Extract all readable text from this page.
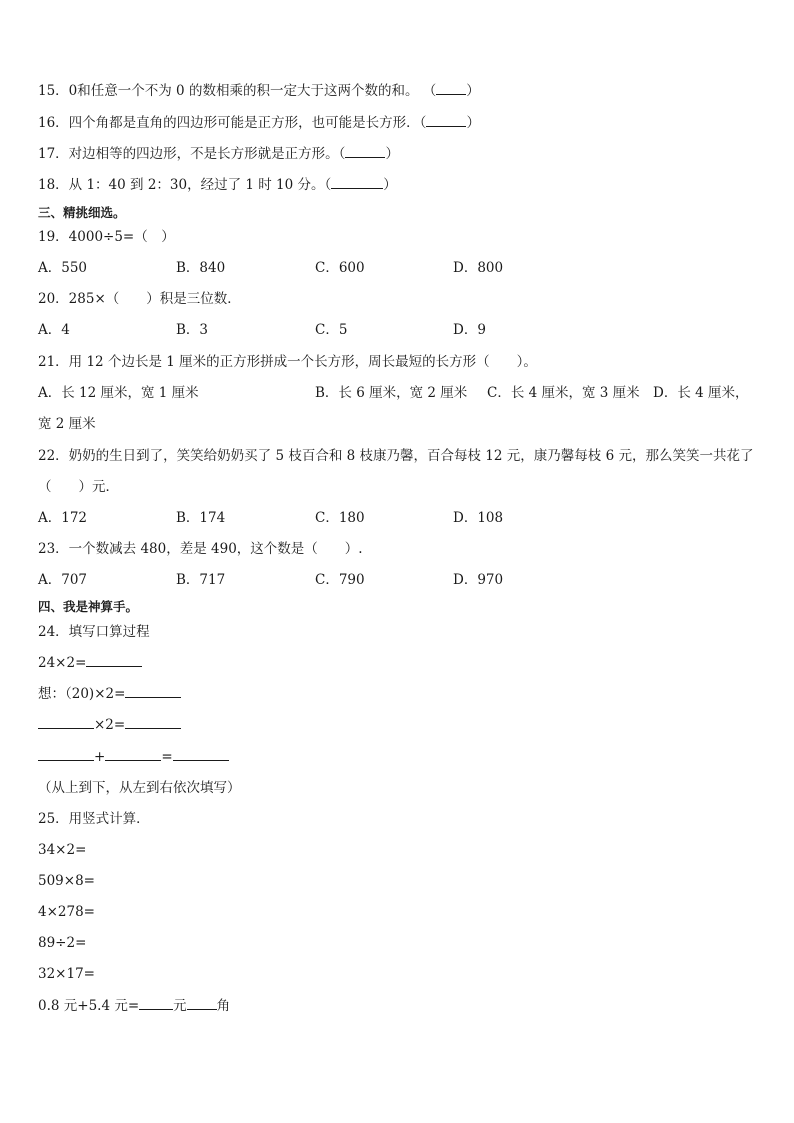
15．0和任意一个不为 0 的数相乘的积一定大于这两个数的和。 （ ）
16．四个角都是直角的四边形可能是正方形，也可能是长方形．（	）
17．对边相等的四边形，不是长方形就是正方形。（	）
18．从 1：40 到 2：30，经过了 1 时 10 分。（	）
三、精挑细选。
19．4000÷5=（　）
A．550	B．840	C．600	D．800
20．285×（　　）积是三位数．
A．4	B．3	C．5	D．9
21．用 12 个边长是 1 厘米的正方形拼成一个长方形，周长最短的长方形（　　）。
A．长 12 厘米，宽 1 厘米	B．长 6 厘米，宽 2 厘米 C．长 4 厘米，宽 3 厘米 D．长 4 厘米，
宽 2 厘米
22．奶奶的生日到了，笑笑给奶奶买了 5 枝百合和 8 枝康乃馨，百合每枝 12 元，康乃馨每枝 6 元，那么笑笑一共花了
（　　）元．
A．172	B．174	C．180	D．108
23．一个数减去 480，差是 490，这个数是（　　）.
A．707	B．717	C．790	D．970
四、我是神算手。
24．填写口算过程
24×2=
想：（20)×2=
×2=
+	=
（从上到下，从左到右依次填写）
25．用竖式计算．
34×2=
509×8=
4×278=
89÷2=
32×17=
0.8 元+5.4 元=	元 角
